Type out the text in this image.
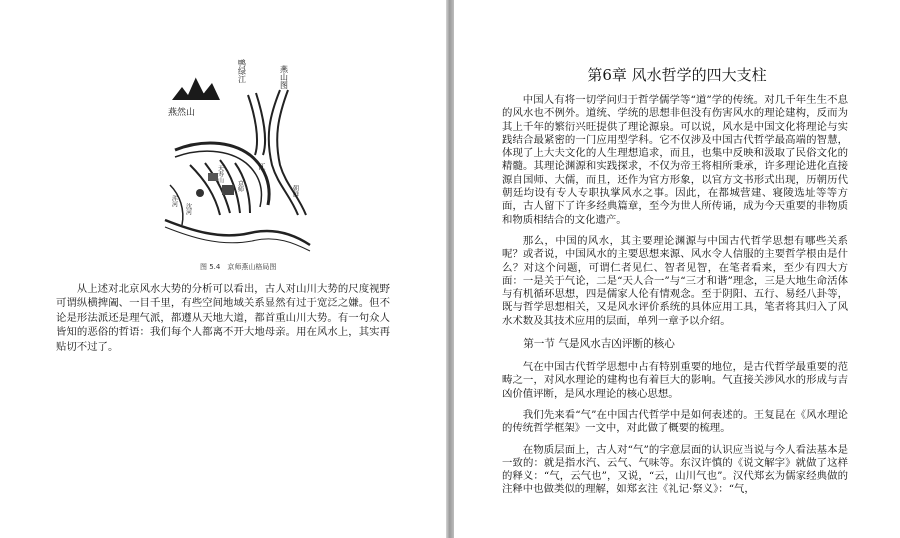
燕山图
鸭绿江
燕然山
天寿山
京师
江
浑河
沈河
朝鲜
图 5.4　京师燕山格局图

从上述对北京风水大势的分析可以看出，古人对山川大势的尺度视野可谓纵横捭阖、一目千里，有些空间地域关系显然有过于宽泛之嫌。但不论是形法派还是理气派，都遵从天地大道，都首重山川大势。有一句众人皆知的恶俗的哲语：我们每个人都离不开大地母亲。用在风水上，其实再贴切不过了。

第6章 风水哲学的四大支柱

中国人有将一切学问归于哲学儒学等“道”学的传统。对几千年生生不息的风水也不例外。道统、学统的思想非但没有伤害风水的理论建构，反而为其上千年的繁衍兴旺提供了理论源泉。可以说，风水是中国文化将理论与实践结合最紧密的一门应用型学科。它不仅涉及中国古代哲学最高端的智慧，体现了上大夫文化的人生理想追求，而且，也集中反映和汲取了民俗文化的精髓。其理论渊源和实践探求，不仅为帝王将相所秉承，许多理论进化直接源自国师、大儒，而且，还作为官方形象，以官方文书形式出现，历朝历代朝廷均设有专人专职执掌风水之事。因此，在都城营建、寝陵选址等等方面，古人留下了许多经典篇章，至今为世人所传诵，成为今天重要的非物质和物质相结合的文化遗产。

那么，中国的风水，其主要理论渊源与中国古代哲学思想有哪些关系呢？或者说，中国风水的主要思想来源、风水令人信服的主要哲学根由是什么？对这个问题，可谓仁者见仁、智者见智，在笔者看来，至少有四大方面：一是关于气论，二是“天人合一”与“三才和谐”理念，三是大地生命活体与有机循环思想，四是儒家人伦有情观念。至于阴阳、五行、易经八卦等，既与哲学思想相关，又是风水评价系统的具体应用工具，笔者将其归入了风水术数及其技术应用的层面，单列一章予以介绍。

第一节 气是风水吉凶评断的核心

气在中国古代哲学思想中占有特别重要的地位，是古代哲学最重要的范畴之一，对风水理论的建构也有着巨大的影响。气直接关涉风水的形成与吉凶价值评断，是风水理论的核心思想。

我们先来看“气”在中国古代哲学中是如何表述的。王复昆在《风水理论的传统哲学框架》一文中，对此做了概要的梳理。

在物质层面上，古人对“气”的字意层面的认识应当说与今人看法基本是一致的：就是指水汽、云气、气味等。东汉许慎的《说文解字》就做了这样的释义：“气，云气也”，又说，“云，山川气也”。汉代郑玄为儒家经典做的注释中也做类似的理解，如郑玄注《礼记·祭义》：“气，
